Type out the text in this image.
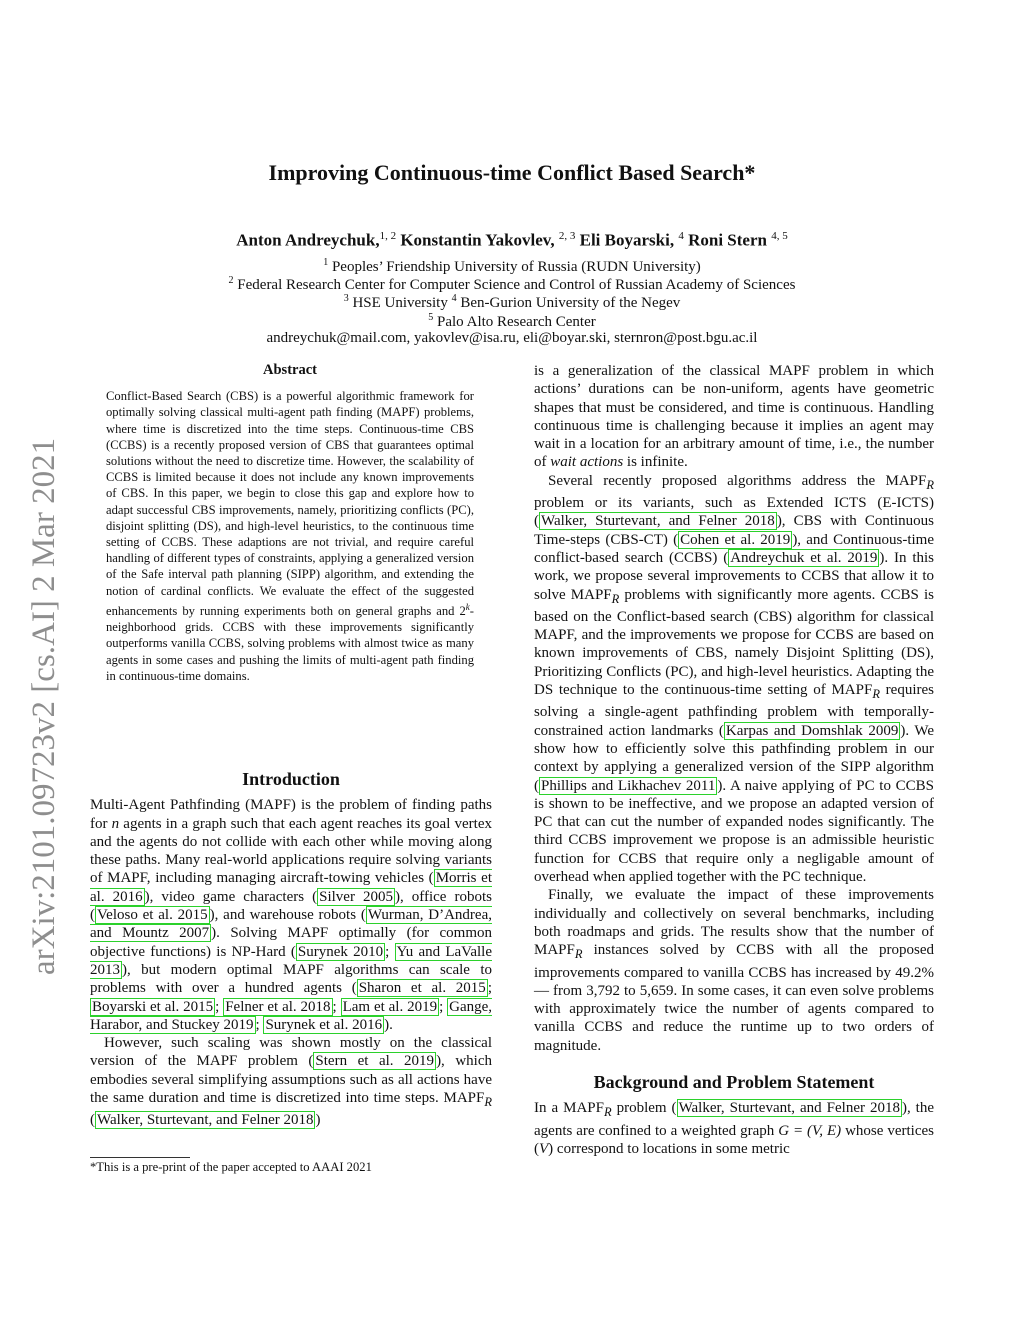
arXiv:2101.09723v2 [cs.AI] 2 Mar 2021
Improving Continuous-time Conflict Based Search*
Anton Andreychuk,$^{1, 2}$ Konstantin Yakovlev, $^{2, 3}$ Eli Boyarski, $^4$ Roni Stern $^{4, 5}$
$^1$ Peoples’ Friendship University of Russia (RUDN University)
$^2$ Federal Research Center for Computer Science and Control of Russian Academy of Sciences
$^3$ HSE University $^4$ Ben-Gurion University of the Negev
$^5$ Palo Alto Research Center
andreychuk@mail.com, yakovlev@isa.ru, eli@boyar.ski, sternron@post.bgu.ac.il
Abstract

Conflict-Based Search (CBS) is a powerful algorithmic framework for optimally solving classical multi-agent path finding (MAPF) problems, where time is discretized into the time steps. Continuous-time CBS (CCBS) is a recently proposed version of CBS that guarantees optimal solutions without the need to discretize time. However, the scalability of CCBS is limited because it does not include any known improvements of CBS. In this paper, we begin to close this gap and explore how to adapt successful CBS improvements, namely, prioritizing conflicts (PC), disjoint splitting (DS), and high-level heuristics, to the continuous time setting of CCBS. These adaptions are not trivial, and require careful handling of different types of constraints, applying a generalized version of the Safe interval path planning (SIPP) algorithm, and extending the notion of cardinal conflicts. We evaluate the effect of the suggested enhancements by running experiments both on general graphs and 2$^k$-neighborhood grids. CCBS with these improvements significantly outperforms vanilla CCBS, solving problems with almost twice as many agents in some cases and pushing the limits of multi-agent path finding in continuous-time domains.

Introduction

Multi-Agent Pathfinding (MAPF) is the problem of finding paths for n agents in a graph such that each agent reaches its goal vertex and the agents do not collide with each other while moving along these paths. Many real-world applications require solving variants of MAPF, including managing aircraft-towing vehicles ( Morris et al. 2016 ), video game characters ( Silver 2005 ), office robots ( Veloso et al. 2015 ), and warehouse robots ( Wurman, D’Andrea, and Mountz 2007 ). Solving MAPF optimally (for common objective functions) is NP-Hard ( Surynek 2010 ; Yu and LaValle 2013 ), but modern optimal MAPF algorithms can scale to problems with over a hundred agents ( Sharon et al. 2015 ; Boyarski et al. 2015 ; Felner et al. 2018 ; Lam et al. 2019 ; Gange, Harabor, and Stuckey 2019 ; Surynek et al. 2016 ).

However, such scaling was shown mostly on the classical version of the MAPF problem ( Stern et al. 2019 ), which embodies several simplifying assumptions such as all actions have the same duration and time is discretized into time steps. $MAPF_R$ ( Walker, Sturtevant, and Felner 2018 )

*This is a pre-print of the paper accepted to AAAI 2021

is a generalization of the classical MAPF problem in which actions’ durations can be non-uniform, agents have geometric shapes that must be considered, and time is continuous. Handling continuous time is challenging because it implies an agent may wait in a location for an arbitrary amount of time, i.e., the number of wait actions is infinite.

Several recently proposed algorithms address the $MAPF_R$ problem or its variants, such as Extended ICTS (E-ICTS) ( Walker, Sturtevant, and Felner 2018 ), CBS with Continuous Time-steps (CBS-CT) ( Cohen et al. 2019 ), and Continuous-time conflict-based search (CCBS) ( Andreychuk et al. 2019 ). In this work, we propose several improvements to CCBS that allow it to solve $MAPF_R$ problems with significantly more agents. CCBS is based on the Conflict-based search (CBS) algorithm for classical MAPF, and the improvements we propose for CCBS are based on known improvements of CBS, namely Disjoint Splitting (DS), Prioritizing Conflicts (PC), and high-level heuristics. Adapting the DS technique to the continuous-time setting of $MAPF_R$ requires solving a single-agent pathfinding problem with temporally-constrained action landmarks ( Karpas and Domshlak 2009 ). We show how to efficiently solve this pathfinding problem in our context by applying a generalized version of the SIPP algorithm ( Phillips and Likhachev 2011 ). A naive applying of PC to CCBS is shown to be ineffective, and we propose an adapted version of PC that can cut the number of expanded nodes significantly. The third CCBS improvement we propose is an admissible heuristic function for CCBS that require only a negligable amount of overhead when applied together with the PC technique.

Finally, we evaluate the impact of these improvements individually and collectively on several benchmarks, including both roadmaps and grids. The results show that the number of $MAPF_R$ instances solved by CCBS with all the proposed improvements compared to vanilla CCBS has increased by 49.2% — from 3,792 to 5,659. In some cases, it can even solve problems with approximately twice the number of agents compared to vanilla CCBS and reduce the runtime up to two orders of magnitude.

Background and Problem Statement

In a $MAPF_R$ problem ( Walker, Sturtevant, and Felner 2018 ), the agents are confined to a weighted graph G = (V, E) whose vertices (V) correspond to locations in some metric
